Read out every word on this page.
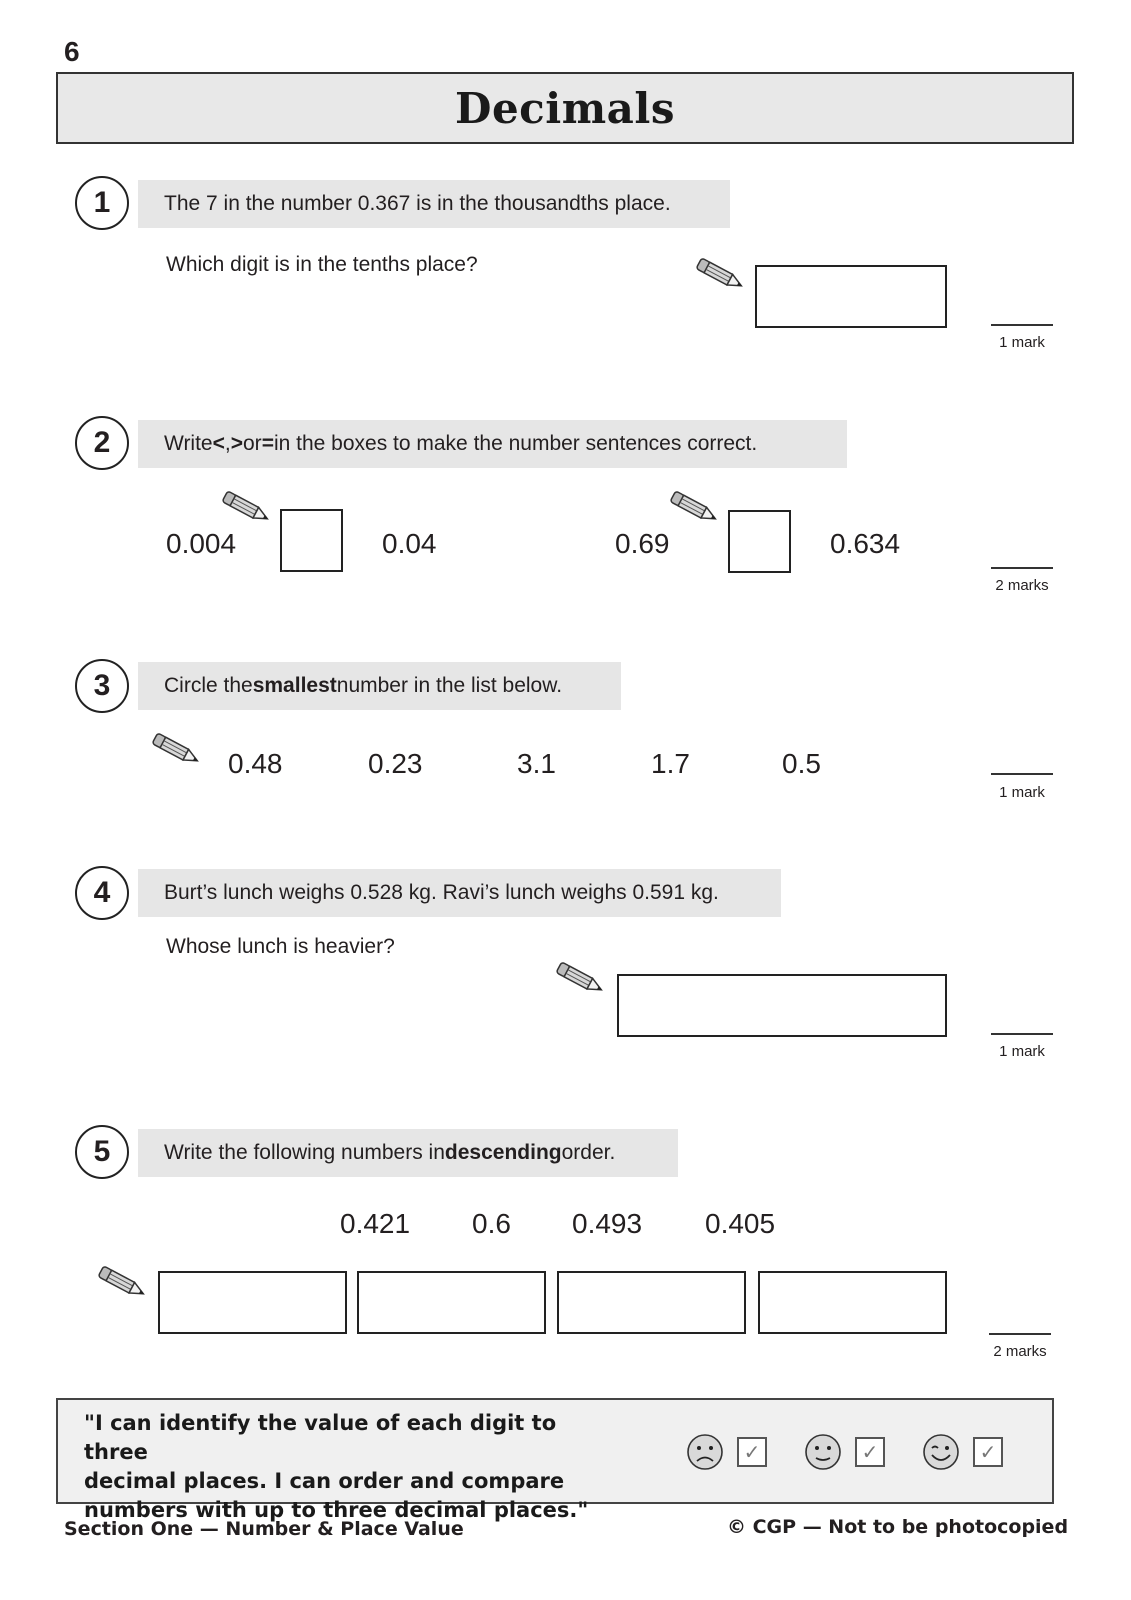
6
Decimals
1	The 7 in the number 0.367 is in the thousandths place.
Which digit is in the tenths place?
1 mark
2	Write < , > or = in the boxes to make the number sentences correct.
0.004	0.04	0.69	0.634
2 marks
3	Circle the smallest number in the list below.
0.48	0.23	3.1	1.7	0.5
1 mark
4	Burt’s lunch weighs 0.528 kg. Ravi’s lunch weighs 0.591 kg.
Whose lunch is heavier?
1 mark
5	Write the following numbers in descending order.
0.421 0.6 0.493 0.405
2 marks
"I can identify the value of each digit to three
decimal places. I can order and compare
numbers with up to three decimal places."
✓	✓	✓
Section One — Number & Place Value	© CGP — Not to be photocopied
